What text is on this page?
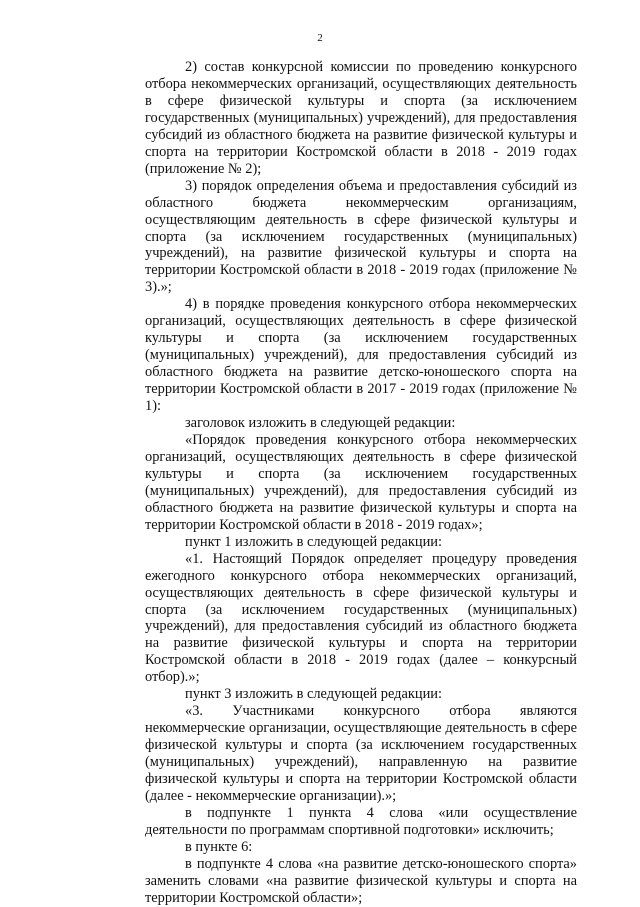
2

2) состав конкурсной комиссии по проведению конкурсного отбора некоммерческих организаций, осуществляющих деятельность в сфере физической культуры и спорта (за исключением государственных (муниципальных) учреждений), для предоставления субсидий из областного бюджета на развитие физической культуры и спорта на территории Костромской области в 2018 - 2019 годах (приложение № 2);

3) порядок определения объема и предоставления субсидий из областного бюджета некоммерческим организациям, осуществляющим деятельность в сфере физической культуры и спорта (за исключением государственных (муниципальных) учреждений), на развитие физической культуры и спорта на территории Костромской области в 2018 - 2019 годах (приложение № 3).»;

4) в порядке проведения конкурсного отбора некоммерческих организаций, осуществляющих деятельность в сфере физической культуры и спорта (за исключением государственных (муниципальных) учреждений), для предоставления субсидий из областного бюджета на развитие детско-юношеского спорта на территории Костромской области в 2017 - 2019 годах (приложение № 1):

заголовок изложить в следующей редакции:

«Порядок проведения конкурсного отбора некоммерческих организаций, осуществляющих деятельность в сфере физической культуры и спорта (за исключением государственных (муниципальных) учреждений), для предоставления субсидий из областного бюджета на развитие физической культуры и спорта на территории Костромской области в 2018 - 2019 годах»;

пункт 1 изложить в следующей редакции:

«1. Настоящий Порядок определяет процедуру проведения ежегодного конкурсного отбора некоммерческих организаций, осуществляющих деятельность в сфере физической культуры и спорта (за исключением государственных (муниципальных) учреждений), для предоставления субсидий из областного бюджета на развитие физической культуры и спорта на территории Костромской области в 2018 - 2019 годах (далее – конкурсный отбор).»;

пункт 3 изложить в следующей редакции:

«3. Участниками конкурсного отбора являются некоммерческие организации, осуществляющие деятельность в сфере физической культуры и спорта (за исключением государственных (муниципальных) учреждений), направленную на развитие физической культуры и спорта на территории Костромской области (далее - некоммерческие организации).»;

в подпункте 1 пункта 4 слова «или осуществление деятельности по программам спортивной подготовки» исключить;

в пункте 6:

в подпункте 4 слова «на развитие детско-юношеского спорта» заменить словами «на развитие физической культуры и спорта на территории Костромской области»;
